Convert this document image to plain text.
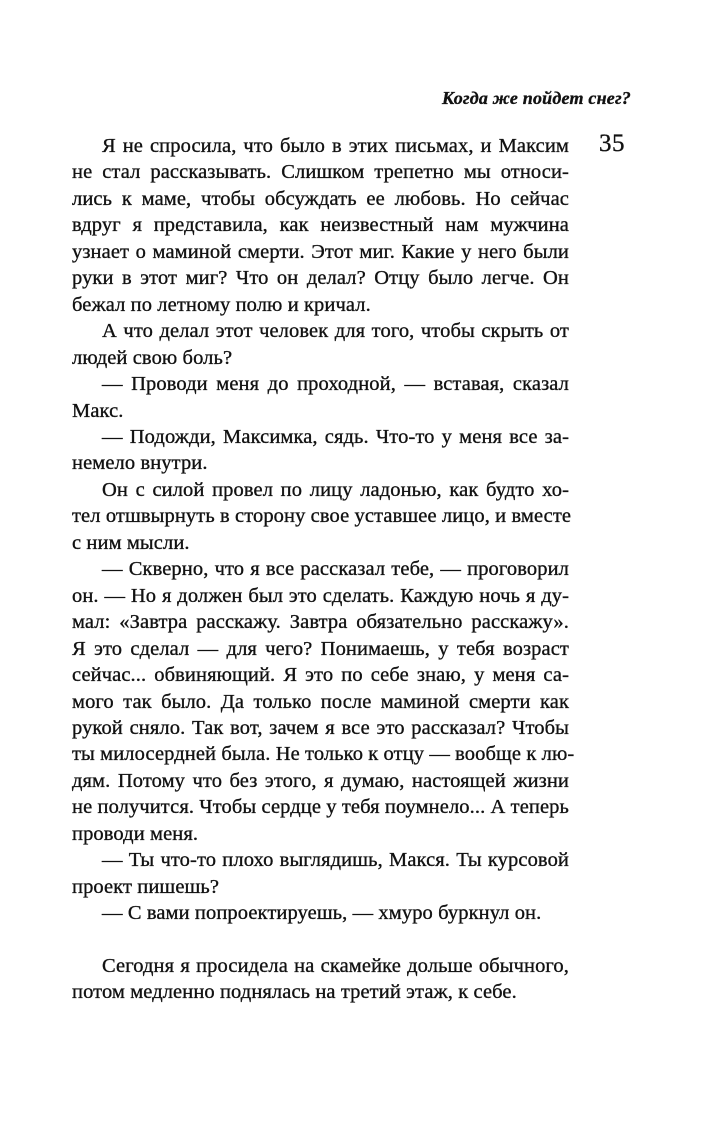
Когда же пойдет снег?
35
Я не спросила, что было в этих письмах, и Максим
не стал рассказывать. Слишком трепетно мы относи-
лись к маме, чтобы обсуждать ее любовь. Но сейчас
вдруг я представила, как неизвестный нам мужчина
узнает о маминой смерти. Этот миг. Какие у него были
руки в этот миг? Что он делал? Отцу было легче. Он
бежал по летному полю и кричал.
А что делал этот человек для того, чтобы скрыть от
людей свою боль?
— Проводи меня до проходной, — вставая, сказал
Макс.
— Подожди, Максимка, сядь. Что-то у меня все за-
немело внутри.
Он с силой провел по лицу ладонью, как будто хо-
тел отшвырнуть в сторону свое уставшее лицо, и вместе
с ним мысли.
— Скверно, что я все рассказал тебе, — проговорил
он. — Но я должен был это сделать. Каждую ночь я ду-
мал: «Завтра расскажу. Завтра обязательно расскажу».
Я это сделал — для чего? Понимаешь, у тебя возраст
сейчас... обвиняющий. Я это по себе знаю, у меня са-
мого так было. Да только после маминой смерти как
рукой сняло. Так вот, зачем я все это рассказал? Чтобы
ты милосердней была. Не только к отцу — вообще к лю-
дям. Потому что без этого, я думаю, настоящей жизни
не получится. Чтобы сердце у тебя поумнело... А теперь
проводи меня.
— Ты что-то плохо выглядишь, Макся. Ты курсовой
проект пишешь?
— С вами попроектируешь, — хмуро буркнул он.
Сегодня я просидела на скамейке дольше обычного,
потом медленно поднялась на третий этаж, к себе.
